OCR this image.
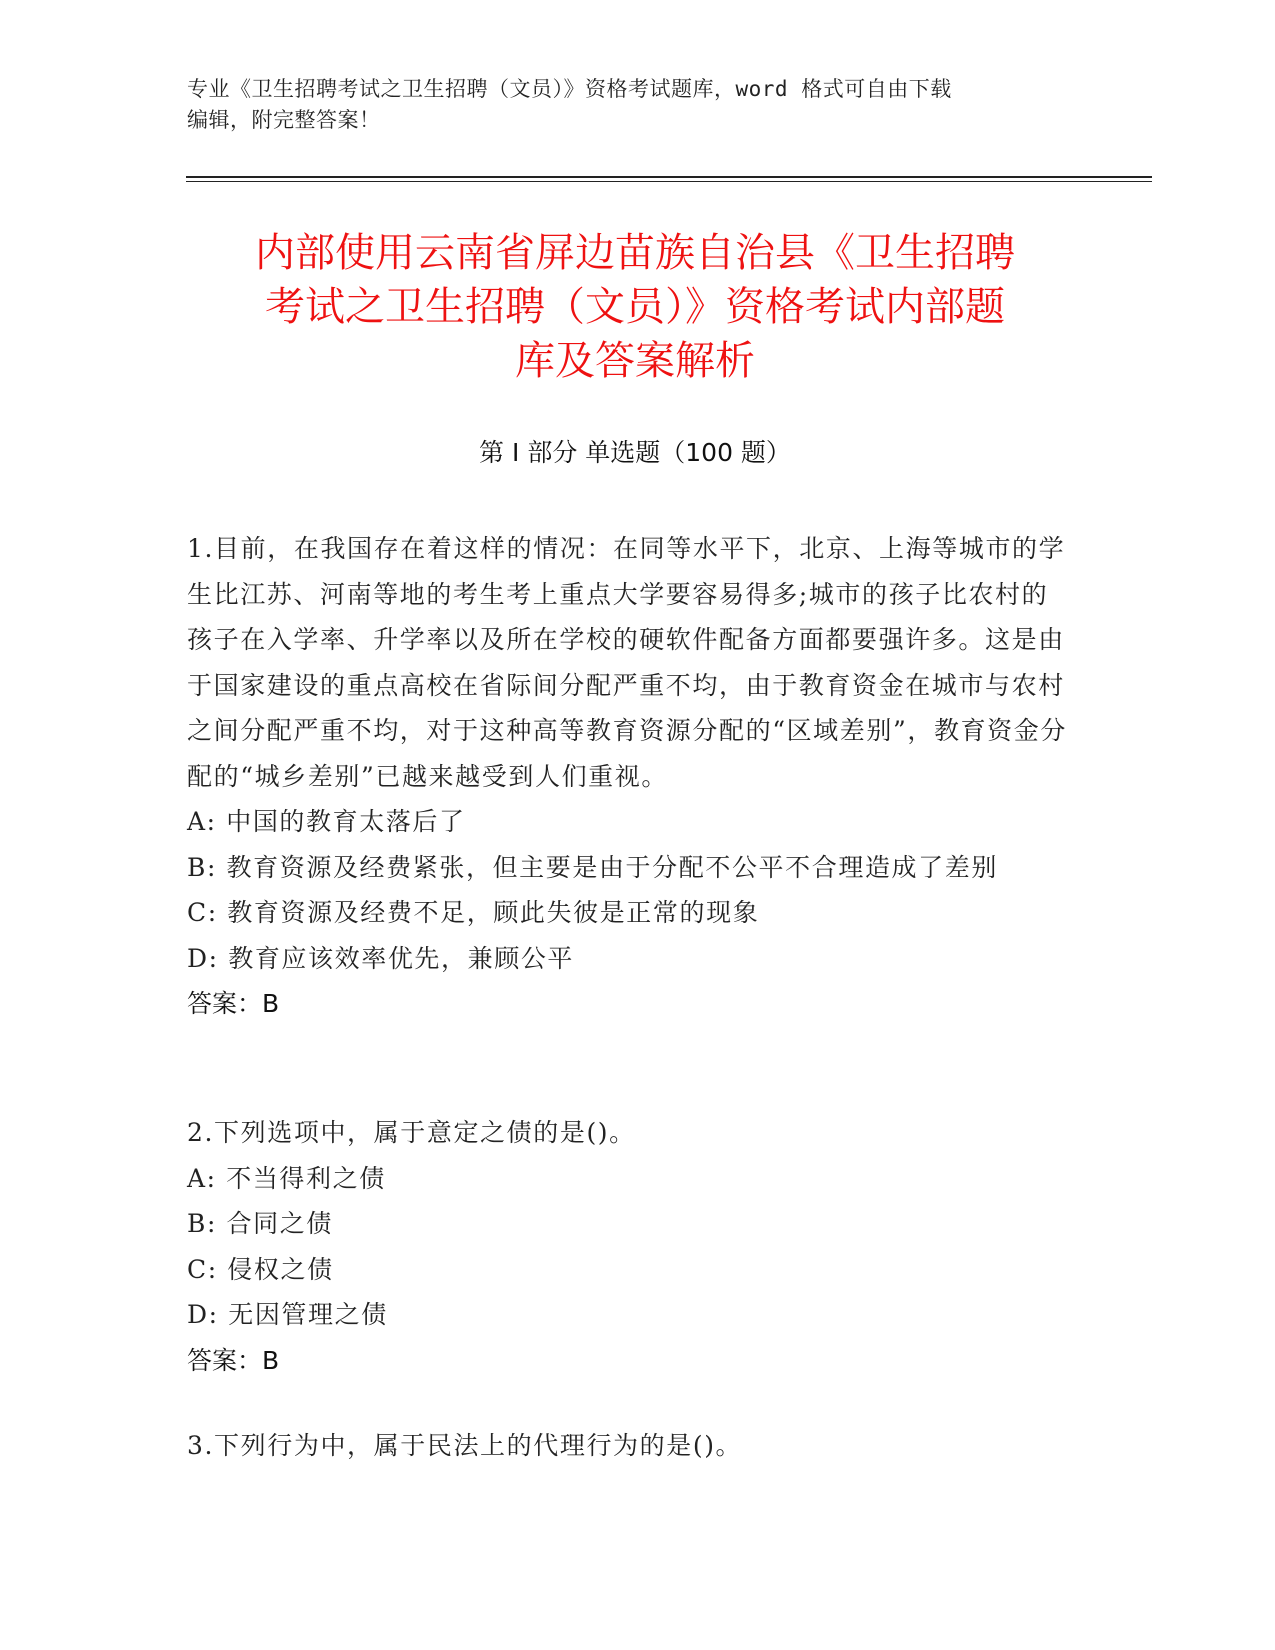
专业《卫生招聘考试之卫生招聘（文员）》资格考试题库，word 格式可自由下载
编辑，附完整答案！
内部使用云南省屏边苗族自治县《卫生招聘
考试之卫生招聘（文员）》资格考试内部题
库及答案解析
第 I 部分 单选题（100 题）

1.目前，在我国存在着这样的情况：在同等水平下，北京、上海等城市的学生比江苏、河南等地的考生考上重点大学要容易得多;城市的孩子比农村的孩子在入学率、升学率以及所在学校的硬软件配备方面都要强许多。这是由于国家建设的重点高校在省际间分配严重不均，由于教育资金在城市与农村之间分配严重不均，对于这种高等教育资源分配的“区域差别”，教育资金分配的“城乡差别”已越来越受到人们重视。

A: 中国的教育太落后了

B: 教育资源及经费紧张，但主要是由于分配不公平不合理造成了差别

C: 教育资源及经费不足，顾此失彼是正常的现象

D: 教育应该效率优先，兼顾公平

答案：B

2.下列选项中，属于意定之债的是()。

A: 不当得利之债

B: 合同之债

C: 侵权之债

D: 无因管理之债

答案：B

3.下列行为中，属于民法上的代理行为的是()。
